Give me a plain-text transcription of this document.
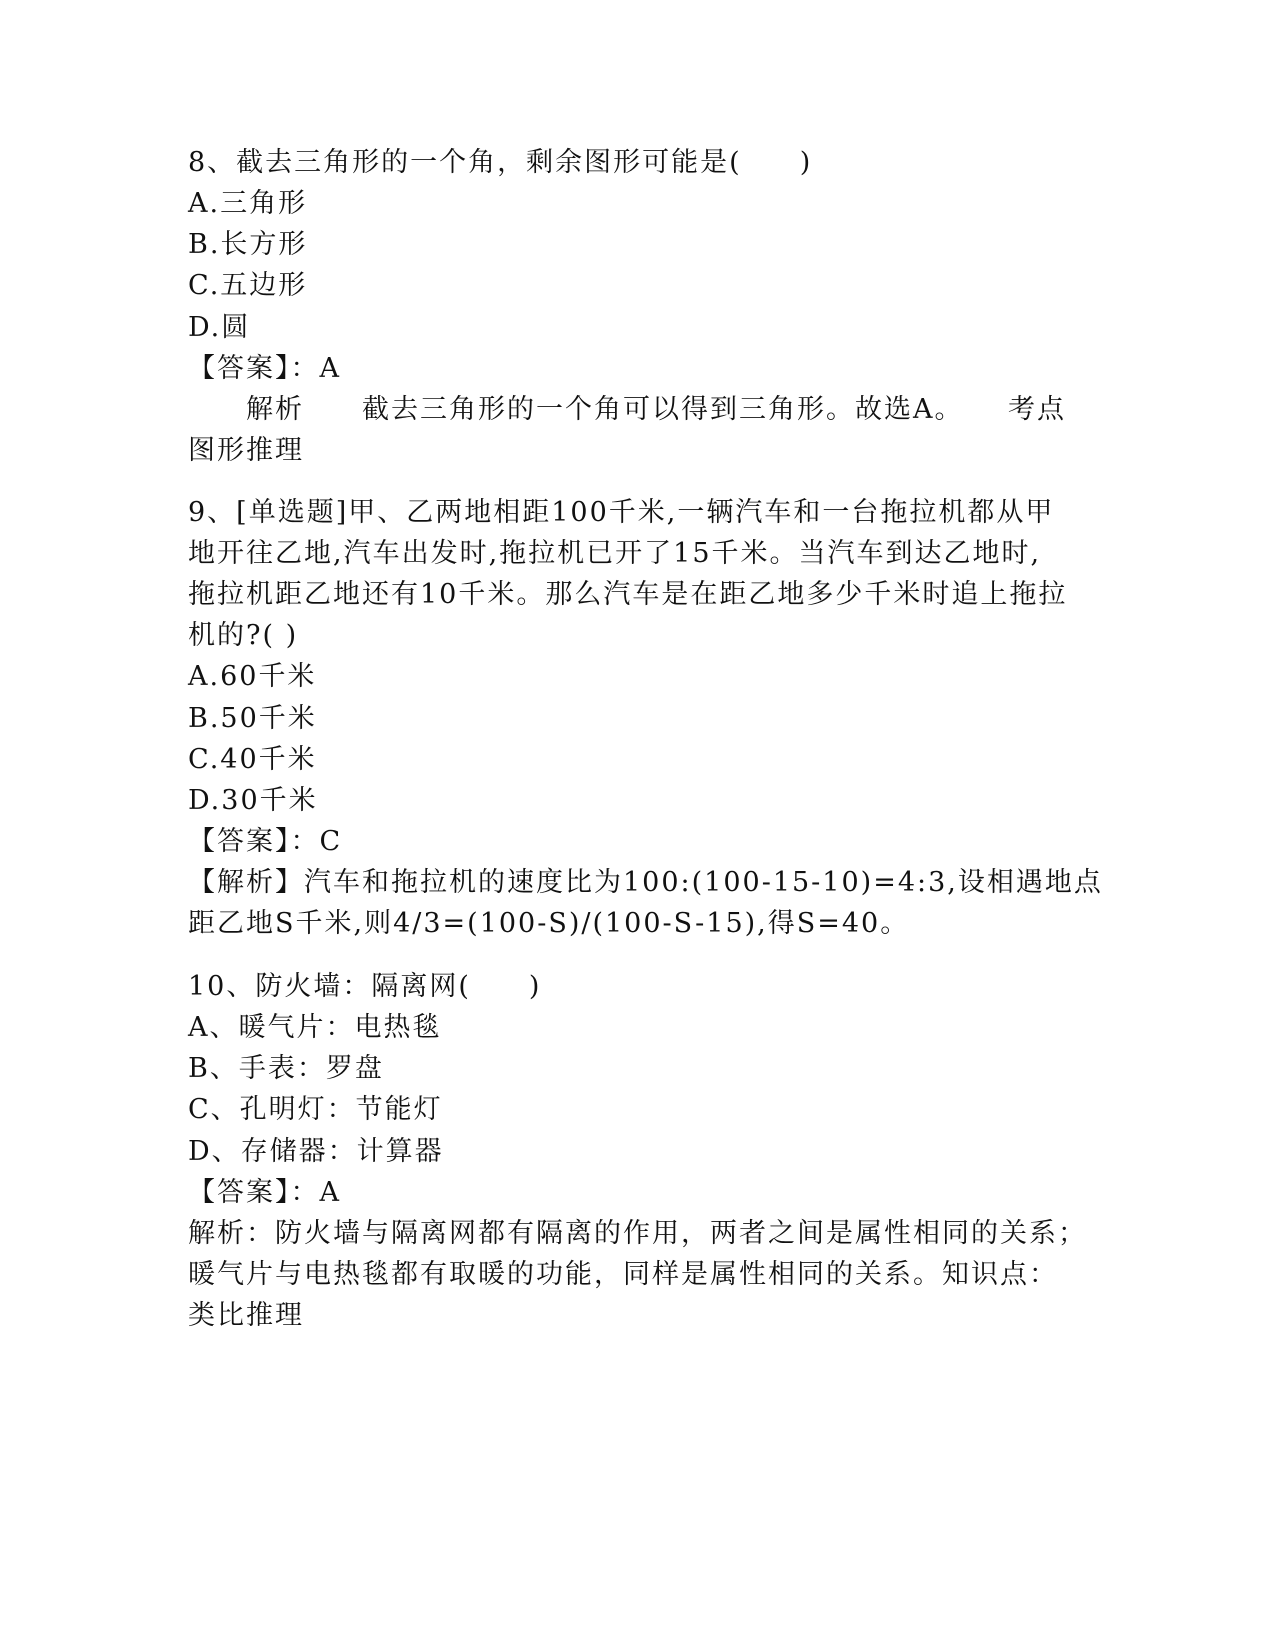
8、截去三角形的一个角，剩余图形可能是(　　)
A.三角形
B.长方形
C.五边形
D.圆
【答案】：A
　　解析　　截去三角形的一个角可以得到三角形。故选A。　　考点
图形推理
9、[单选题]甲、乙两地相距100千米,一辆汽车和一台拖拉机都从甲
地开往乙地,汽车出发时,拖拉机已开了15千米。当汽车到达乙地时,
拖拉机距乙地还有10千米。那么汽车是在距乙地多少千米时追上拖拉
机的?( )
A.60千米
B.50千米
C.40千米
D.30千米
【答案】：C
【解析】汽车和拖拉机的速度比为100:(100-15-10)=4:3,设相遇地点
距乙地S千米,则4/3=(100-S)/(100-S-15),得S=40。
10、防火墙：隔离网(　　)
A、暖气片：电热毯
B、手表：罗盘
C、孔明灯：节能灯
D、存储器：计算器
【答案】：A
解析：防火墙与隔离网都有隔离的作用，两者之间是属性相同的关系；
暖气片与电热毯都有取暖的功能，同样是属性相同的关系。知识点：
类比推理
